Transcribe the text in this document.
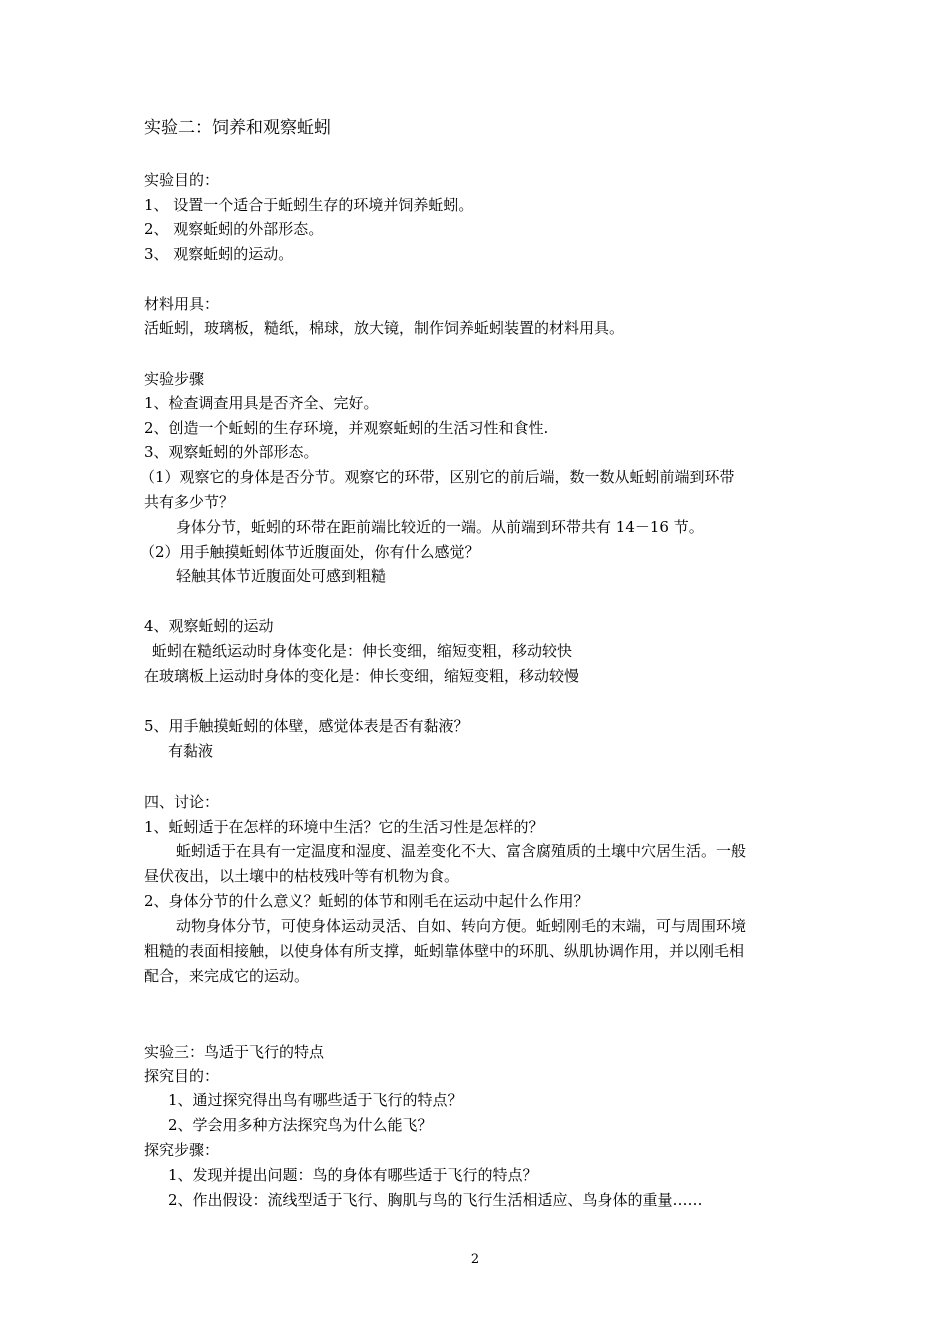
实验二：饲养和观察蚯蚓
实验目的：
1、 设置一个适合于蚯蚓生存的环境并饲养蚯蚓。
2、 观察蚯蚓的外部形态。
3、 观察蚯蚓的运动。
材料用具：
活蚯蚓，玻璃板，糙纸，棉球，放大镜，制作饲养蚯蚓装置的材料用具。
实验步骤
1、检查调查用具是否齐全、完好。
2、创造一个蚯蚓的生存环境，并观察蚯蚓的生活习性和食性.
3、观察蚯蚓的外部形态。
（1）观察它的身体是否分节。观察它的环带，区别它的前后端，数一数从蚯蚓前端到环带
共有多少节？
身体分节，蚯蚓的环带在距前端比较近的一端。从前端到环带共有 14－16 节。
（2）用手触摸蚯蚓体节近腹面处，你有什么感觉？
轻触其体节近腹面处可感到粗糙
4、观察蚯蚓的运动
蚯蚓在糙纸运动时身体变化是：伸长变细，缩短变粗，移动较快
在玻璃板上运动时身体的变化是：伸长变细，缩短变粗，移动较慢
5、用手触摸蚯蚓的体壁，感觉体表是否有黏液？
有黏液
四、讨论：
1、蚯蚓适于在怎样的环境中生活？它的生活习性是怎样的？
蚯蚓适于在具有一定温度和湿度、温差变化不大、富含腐殖质的土壤中穴居生活。一般
昼伏夜出，以土壤中的枯枝残叶等有机物为食。
2、身体分节的什么意义？蚯蚓的体节和刚毛在运动中起什么作用？
动物身体分节，可使身体运动灵活、自如、转向方便。蚯蚓刚毛的末端，可与周围环境
粗糙的表面相接触，以使身体有所支撑，蚯蚓靠体壁中的环肌、纵肌协调作用，并以刚毛相
配合，来完成它的运动。
实验三：鸟适于飞行的特点
探究目的：
1、通过探究得出鸟有哪些适于飞行的特点？
2、学会用多种方法探究鸟为什么能飞？
探究步骤：
1、发现并提出问题：鸟的身体有哪些适于飞行的特点？
2、作出假设：流线型适于飞行、胸肌与鸟的飞行生活相适应、鸟身体的重量……
2
